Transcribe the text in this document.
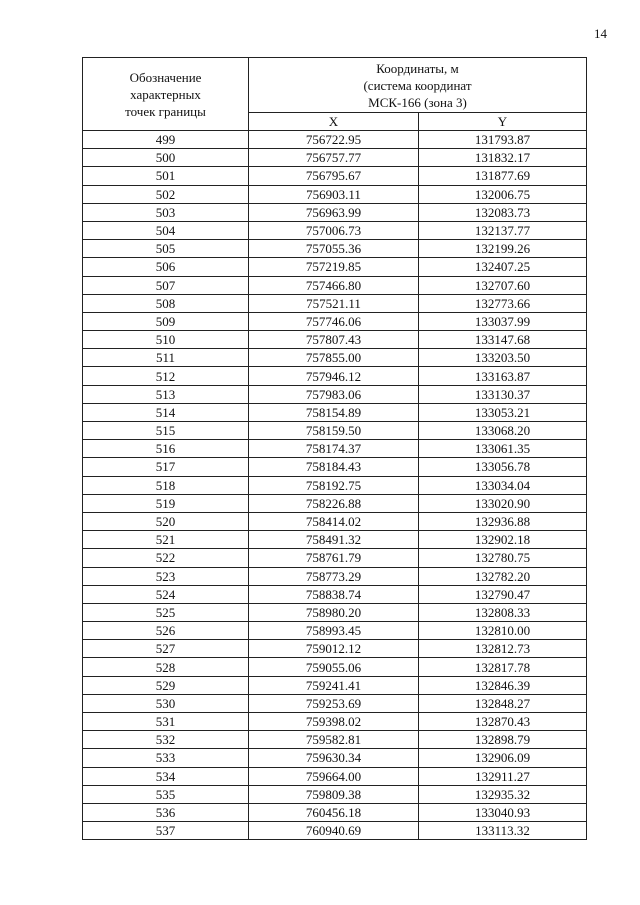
14
Обозначение
характерных
точек границы	Координаты, м
(система координат
МСК-166 (зона 3)	

	X	Y
499	756722.95	131793.87
500	756757.77	131832.17
501	756795.67	131877.69
502	756903.11	132006.75
503	756963.99	132083.73
504	757006.73	132137.77
505	757055.36	132199.26
506	757219.85	132407.25
507	757466.80	132707.60
508	757521.11	132773.66
509	757746.06	133037.99
510	757807.43	133147.68
511	757855.00	133203.50
512	757946.12	133163.87
513	757983.06	133130.37
514	758154.89	133053.21
515	758159.50	133068.20
516	758174.37	133061.35
517	758184.43	133056.78
518	758192.75	133034.04
519	758226.88	133020.90
520	758414.02	132936.88
521	758491.32	132902.18
522	758761.79	132780.75
523	758773.29	132782.20
524	758838.74	132790.47
525	758980.20	132808.33
526	758993.45	132810.00
527	759012.12	132812.73
528	759055.06	132817.78
529	759241.41	132846.39
530	759253.69	132848.27
531	759398.02	132870.43
532	759582.81	132898.79
533	759630.34	132906.09
534	759664.00	132911.27
535	759809.38	132935.32
536	760456.18	133040.93
537	760940.69	133113.32
